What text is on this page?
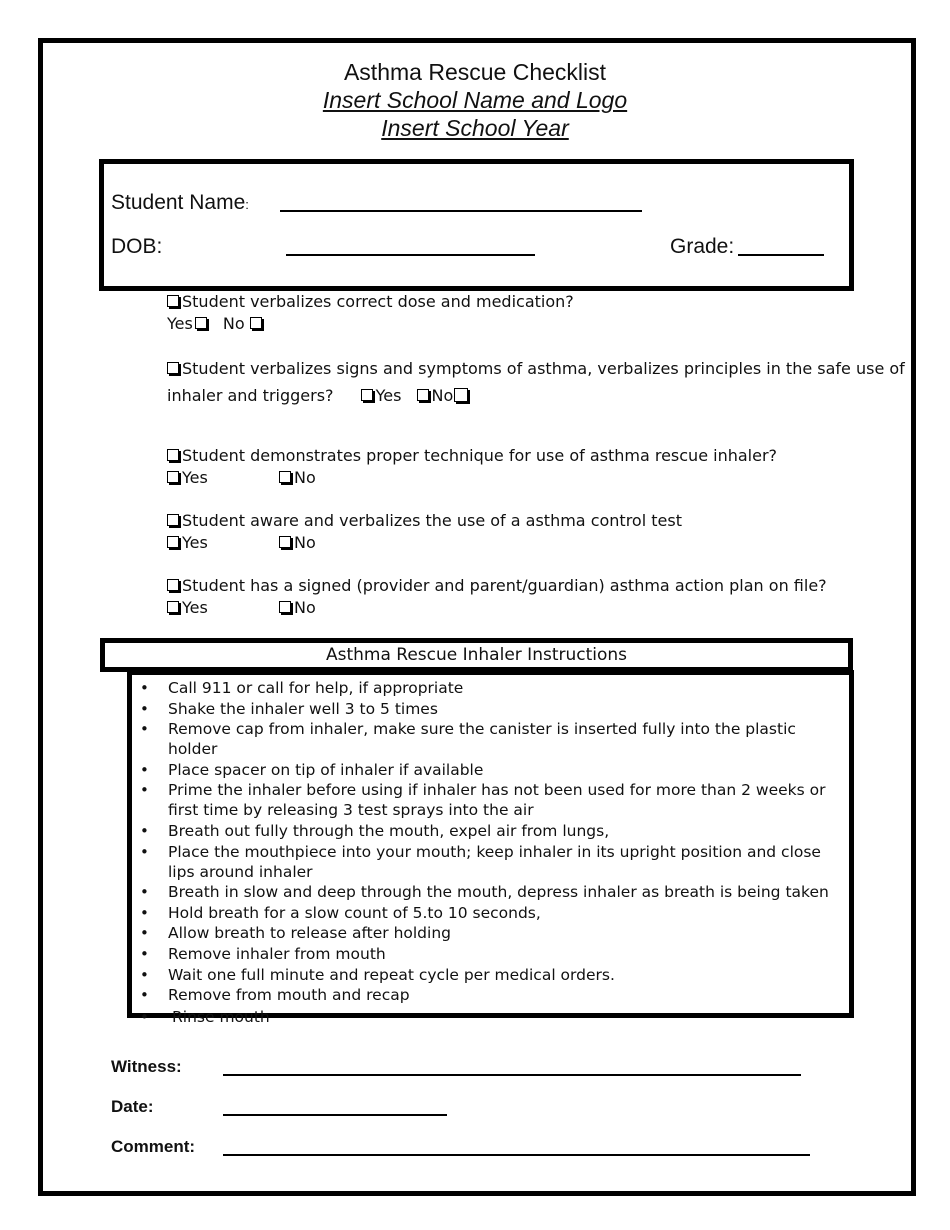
Asthma Rescue Checklist
Insert School Name and Logo
Insert School Year
Student Name:
DOB:	Grade:
Student verbalizes correct dose and medication?
Yes No
Student verbalizes signs and symptoms of asthma, verbalizes principles in the safe use of
inhaler and triggers?	Yes No
Student demonstrates proper technique for use of asthma rescue inhaler?
Yes	No
Student aware and verbalizes the use of a asthma control test
Yes	No
Student has a signed (provider and parent/guardian) asthma action plan on file?
Yes	No
Asthma Rescue Inhaler Instructions
• Call 911 or call for help, if appropriate
• Shake the inhaler well 3 to 5 times
• Remove cap from inhaler, make sure the canister is inserted fully into the plastic holder
• Place spacer on tip of inhaler if available
• Prime the inhaler before using if inhaler has not been used for more than 2 weeks or first time by releasing 3 test sprays into the air
• Breath out fully through the mouth, expel air from lungs,
• Place the mouthpiece into your mouth; keep inhaler in its upright position and close lips around inhaler
• Breath in slow and deep through the mouth, depress inhaler as breath is being taken
• Hold breath for a slow count of 5.to 10 seconds,
• Allow breath to release after holding
• Remove inhaler from mouth
• Wait one full minute and repeat cycle per medical orders.
• Remove from mouth and recap
• Rinse mouth
Witness:
Date:
Comment:
